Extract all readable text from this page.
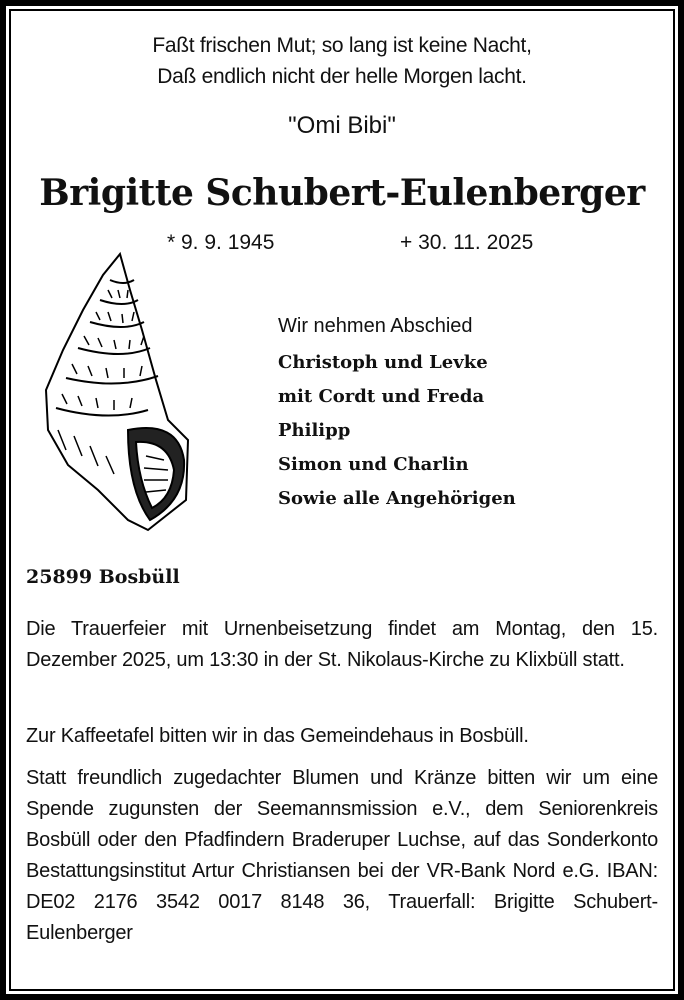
Faßt frischen Mut; so lang ist keine Nacht,
Daß endlich nicht der helle Morgen lacht.
"Omi Bibi"
Brigitte Schubert-Eulenberger
* 9. 9. 1945	+ 30. 11. 2025
Wir nehmen Abschied
Christoph und Levke
mit Cordt und Freda
Philipp
Simon und Charlin
Sowie alle Angehörigen
25899 Bosbüll
Die Trauerfeier mit Urnenbeisetzung findet am Montag, den 15. Dezember 2025, um 13:30 in der St. Nikolaus-Kirche zu Klixbüll statt.
Zur Kaffeetafel bitten wir in das Gemeindehaus in Bosbüll.
Statt freundlich zugedachter Blumen und Kränze bitten wir um eine Spende zugunsten der Seemannsmission e.V., dem Seniorenkreis Bosbüll oder den Pfadfindern Braderuper Luchse, auf das Sonderkonto Bestattungsinstitut Artur Christiansen bei der VR-Bank Nord e.G. IBAN: DE02 2176 3542 0017 8148 36, Trauerfall: Brigitte Schubert-Eulenberger
